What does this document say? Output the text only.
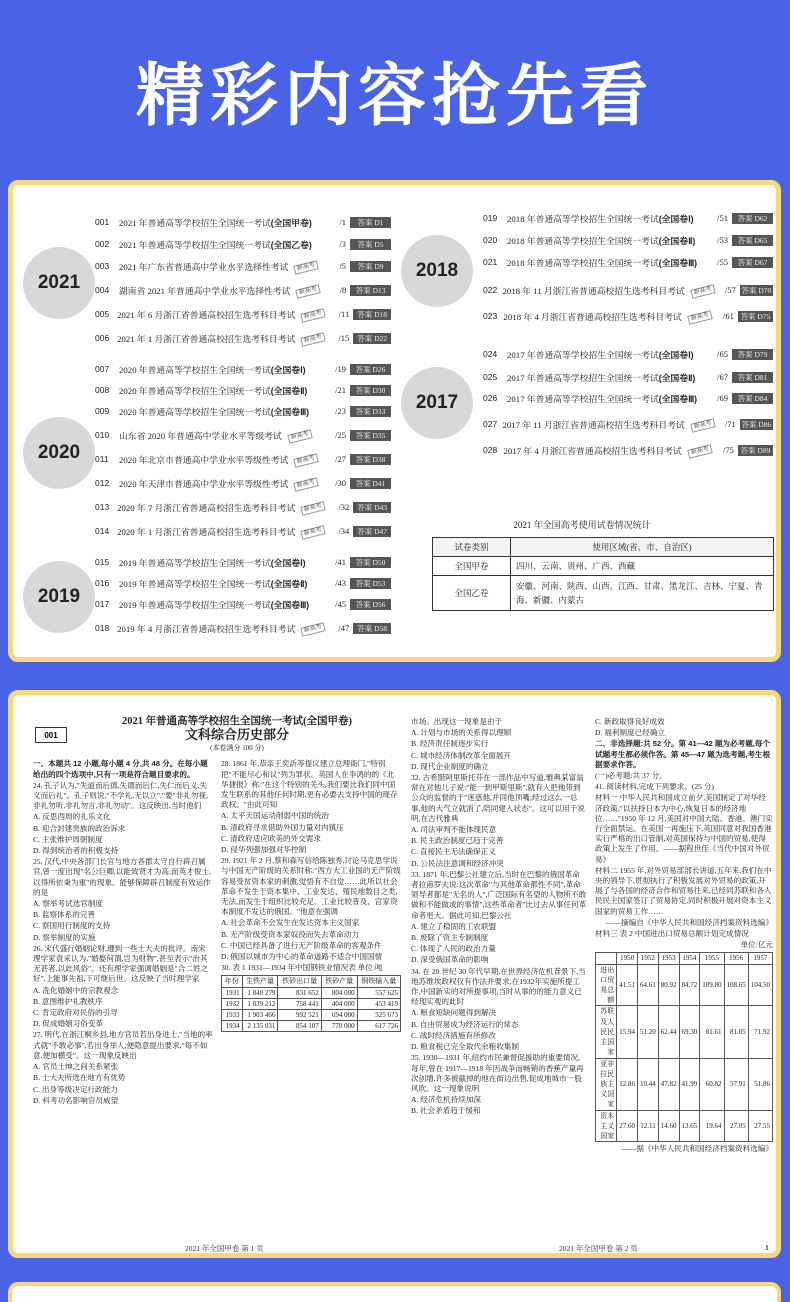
精彩内容抢先看
2021
2020
2019
2018
2017
001	2021 年普通高等学校招生全国统一考试(全国甲卷)	/1	答案 D1
002	2021 年普通高等学校招生全国统一考试(全国乙卷)	/3	答案 D5
003	2021 年广东省普通高中学业水平选择性考试 新高考	/5	答案 D9
004	湖南省 2021 年普通高中学业水平选择性考试 新高考	/8	答案 D13
005 2021 年 6 月浙江省普通高校招生选考科目考试 新高考	/11	答案 D18
006 2021 年 1 月浙江省普通高校招生选考科目考试 新高考	/15	答案 D22
007	2020 年普通高等学校招生全国统一考试(全国卷Ⅰ)	/19	答案 D26
008	2020 年普通高等学校招生全国统一考试(全国卷Ⅱ)	/21	答案 D30
009	2020 年普通高等学校招生全国统一考试(全国卷Ⅲ)	/23	答案 D33
010	山东省 2020 年普通高中学业水平等级考试 新高考	/25	答案 D35
011	2020 年北京市普通高中学业水平等级性考试 新高考	/27	答案 D38
012	2020 年天津市普通高中学业水平等级性考试 新高考	/30	答案 D41
013 2020 年 7 月浙江省普通高校招生选考科目考试 新高考	/32	答案 D43
014 2020 年 1 月浙江省普通高校招生选考科目考试 新高考	/34	答案 D47
015	2019 年普通高等学校招生全国统一考试(全国卷Ⅰ)	/41	答案 D50
016	2019 年普通高等学校招生全国统一考试(全国卷Ⅱ)	/43	答案 D53
017	2019 年普通高等学校招生全国统一考试(全国卷Ⅲ)	/45	答案 D56
018 2019 年 4 月浙江省普通高校招生选考科目考试 新高考	/47	答案 D58
019	2018 年普通高等学校招生全国统一考试(全国卷Ⅰ)	/51	答案 D62
020	2018 年普通高等学校招生全国统一考试(全国卷Ⅱ)	/53	答案 D65
021	2018 年普通高等学校招生全国统一考试(全国卷Ⅲ)	/55	答案 D67
022 2018 年 11 月浙江省普通高校招生选考科目考试 新高考	/57 答案 D70
023 2018 年 4 月浙江省普通高校招生选考科目考试 新高考	/61 答案 D75
024	2017 年普通高等学校招生全国统一考试(全国卷Ⅰ)	/65	答案 D79
025	2017 年普通高等学校招生全国统一考试(全国卷Ⅱ)	/67	答案 D81
026	2017 年普通高等学校招生全国统一考试(全国卷Ⅲ)	/69	答案 D84
027 2017 年 11 月浙江省普通高校招生选考科目考试 新高考	/71 答案 D86
028 2017 年 4 月浙江省普通高校招生选考科目考试 新高考	/75 答案 D89
2021 年全国高考使用试卷情况统计
试卷类别	使用区域(省、市、自治区)
全国甲卷	四川、云南、贵州、广西、西藏
全国乙卷	安徽、河南、陕西、山西、江西、甘肃、黑龙江、吉林、宁夏、青海、新疆、内蒙古
001
2021 年普通高等学校招生全国统一考试(全国甲卷)
文科综合历史部分
(本卷满分 100 分)

一、本题共 12 小题,每小题 4 分,共 48 分。在每小题给出的四个选项中,只有一项是符合题目要求的。

24. 孔子认为,"失道而后德,失德而后仁,失仁而后义,失义而后礼"。孔子则说,"不学礼,无以立","要"非礼勿视,非礼勿听,非礼勿言,非礼勿动"。这反映出,当时他们

A. 反思西周的礼乐文化

B. 迎合封建贵族的政治诉求

C. 主张维护周朝制度

D. 得到统治者的积极支持

25. 汉代,中央各部门长官与地方各郡太守自行辟召属官,曾一度出现"名公巨卿,以能致贤才为高;而英才俊士,以得所依秉为重"的现象。能够保障辟召制度有效运作的是

A. 察举考试选官制度

B. 监察体系的完善

C. 察国用行制度的支持

D. 察举制度的实施

26. 宋代盛行婚姻论财,遵到一些士大夫的批评。南宋理学家袁采认为,"婚娶何谓,岂为财物",甚至表示"治其无甚者,以此风俗"。还有理学家强调婚姻是"合二姓之好",上能事先祖,下可继后世。这反映了当时理学家

A. 洗化婚姻中的宗教观念

B. 意图维护礼教秩序

C. 肯定政府对民俗的引导

D. 促成婚姻习俗变革

27. 明代,在浙江桐乡县,地方官员若出身进士,"当地的率式就"不敢必事",若出身举人,便隐意提出要求,"每不如意,便加横受"。这一现象反映出

A. 官员士绅之间关系紧张

B. 士大夫所选在地方有优势

C. 出身等级决定行政能力

D. 科考功名影响官员威望

28. 1861 年,恭亲王奕訢等提议建立总理衙门,"特别把"不能尽心和议"列为罪状。英国人在李鸿的的《北华捷报》称:"在这个特别的关头,我们要比我们同中国发生联系的其他任何时期,更有必要去支持中国的现存政权。"由此可知

A. 太平天国运动削弱中国的统治

B. 清政府寻求借助外国力量对内镇压

C. 清政府适应欧美的外交需求

D. 侵华列强加强对华控制

29. 1921 年 2 月,蔡和森写信给陈独秀,讨论马克思学说与中国无产阶级的关系时称:"西方大工业国的无产阶级容易受贫资本家的刺激,觉悟有不自觉……此所以社会革命不发生于资本集中、工业发达、殖民地数目之类,无法,而发生于组织比较充足、工业比较普及、宫家资本制度不发达的俄国。"他意在强调

A. 社会革命不会发生在发达资本主义国家

B. 无产阶级受资本家奴役而失去革命动力

C. 中国已经具备了进行无产阶级革命的客观条件

D. 俄国以城市为中心的革命道路不适合中国国情

30. 表 1 1931—1934 年中国钢铁业情况表 单位:吨

年份	生铁产量	铁砂出口量	铁砂产量	钢铁输入量
1931	1 840 279	831 652	804 000	557 625
1932	1 839 212	758 441	404 000	453 419
1933	1 903 466	992 521	694 000	525 673
1934	2 135 031	854 107	770 000	617 726

市场。出现这一现象是由于

A. 计划与市场的关系得以理顺

B. 经济责任制逐步实行

C. 城市经济体制改革全面展开

D. 现代企业制度的确立

32. 古希腊阿里斯托芬在一部作品中写道,雅典某富翁常在对他儿子说:"能一到甲斯里斯",就有人把他带到公众的监督的于"迷惑他,并同他顶嘴;经过这么一总事,他的大气立就消了,陪同建入状态"。这可以用于说明,在古代雅典

A. 司法审判不能体现民意

B. 民主政治制度已趋于完善

C. 直接民主无法确保正义

D. 公民法注意调和经济冲突

33. 1871 年,巴黎公社建立后,当时在巴黎的俄国革命者拉甫罗夫说:这次革命"与其他革命都性不同",革命领导者都是"无名的人",广泛国际有名望的人物所不敢做和不能做或的事情",这些革命者"比过去从事任何革命者更大。据此可知,巴黎公社

A. 建立了稳固的工农联盟

B. 废除了资主专制制度

C. 体现了人民的政治力量

D. 深受俄国革命的影响

34. 在 20 世纪 30 年代早期,在世界经济危机背景下,当地苏维埃政权仅有作法并要求,在1932年实施所提工作,中国新实的对所提事项,当时从事的的能力意义已经现实观的此时

A. 粮食短缺问题得到解决

B. 自由贸易成为经济运行的常态

C. 战时经济措施有所修改

D. 粮食税已完全取代余粮收集制

35. 1930—1931 年,纽约市民兼督促援助的重要情况,每年,曾在 1917—1918 年因战争而畅销的香蕉产量再次创增,许多被截掉的地在街边出售,促成地城市一股风吹。这一现象说明

A. 经济危机持续加深

B. 社会矛盾趋于缓和

C. 新政取得良好成效

D. 福利制度已经确立

二、非选择题:共 52 分。第 41—42 题为必考题,每个试题考生都必须作答。第 45—47 题为选考题,考生根据要求作答。

(一)必考题:共 37 分。

41. 阅读材料,完成下列要求。(25 分)

材料一 中华人民共和国成立前夕,美国制定了对华经济政策,"以扶持日本为中心,恢复日本的经济地位……"1950 年 12 月,美国对中国大陆、香港、澳门实行全面禁运。在美国一再施压下,英国同意对我国香港实行严格的出口管制,对英国保持与中国的贸易,使得政策上发生了作用。——据程世佳《当代中国对外贸易》

材料二 1955 年,对外贸易部部长讲道,五年来,我们在中央的领导下,贯彻执行了积极发展对外贸易的政策,开展了与各国的经济合作和贸易往来,已经同苏联和各人民民主国家签订了贸易协定,同时积极开展对资本主义国家的贸易工作……

——摘编自《中华人民共和国经济档案资料选编》

材料三 表 2 中国进出口贸易总额计划完成情况

单位:亿元

	1950	1952	1953	1954	1955	1956	1957
进出口贸易总额	41.51	64.61	80.92	84.72	109.80	108.65	104.50
苏联及人民民主国家	15.94	51.20	62.44	69.30	81.61	81.05	71.92
亚非拉民族主义国家	12.86	10.44	47.82	41.99	60.82	57.91	51.86
资本主义国家	27.60	12.11	14.60	13.65	19.64	27.05	27.55

——据《中华人民共和国经济档案资料选编》

2021 年全国甲卷 第 1 页	2021 年全国甲卷 第 2 页	1
